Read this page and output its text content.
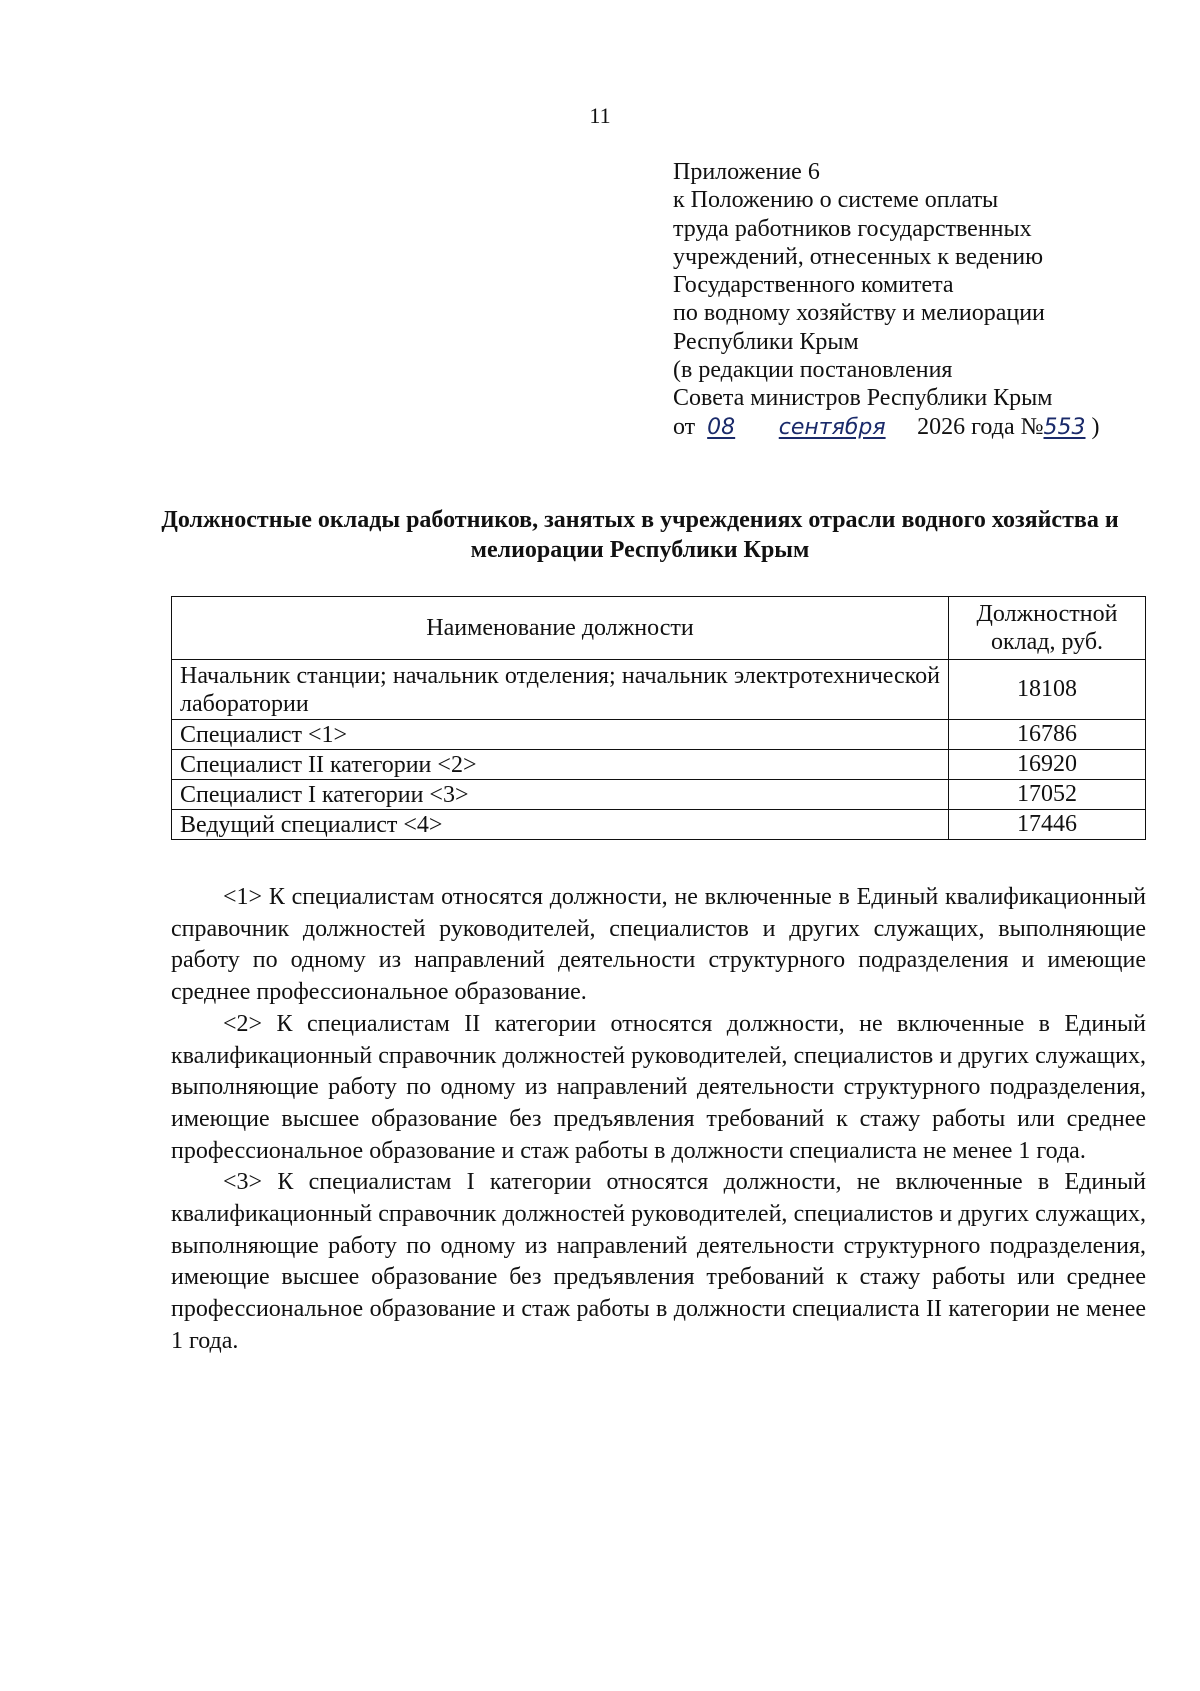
11
Приложение 6
к Положению о системе оплаты
труда работников государственных
учреждений, отнесенных к ведению
Государственного комитета
по водному хозяйству и мелиорации
Республики Крым
(в редакции постановления
Совета министров Республики Крым
от 08 сентября 2026 года №553 )
Должностные оклады работников, занятых в учреждениях отрасли водного хозяйства и мелиорации Республики Крым
Наименование должности	Должностной оклад, руб.
Начальник станции; начальник отделения; начальник электротехнической лаборатории	18108
Специалист <1>	16786
Специалист II категории <2>	16920
Специалист I категории <3>	17052
Ведущий специалист <4>	17446

<1> К специалистам относятся должности, не включенные в Единый квалификационный справочник должностей руководителей, специалистов и других служащих, выполняющие работу по одному из направлений деятельности структурного подразделения и имеющие среднее профессиональное образование.

<2> К специалистам II категории относятся должности, не включенные в Единый квалификационный справочник должностей руководителей, специалистов и других служащих, выполняющие работу по одному из направлений деятельности структурного подразделения, имеющие высшее образование без предъявления требований к стажу работы или среднее профессиональное образование и стаж работы в должности специалиста не менее 1 года.

<3> К специалистам I категории относятся должности, не включенные в Единый квалификационный справочник должностей руководителей, специалистов и других служащих, выполняющие работу по одному из направлений деятельности структурного подразделения, имеющие высшее образование без предъявления требований к стажу работы или среднее профессиональное образование и стаж работы в должности специалиста II категории не менее 1 года.
